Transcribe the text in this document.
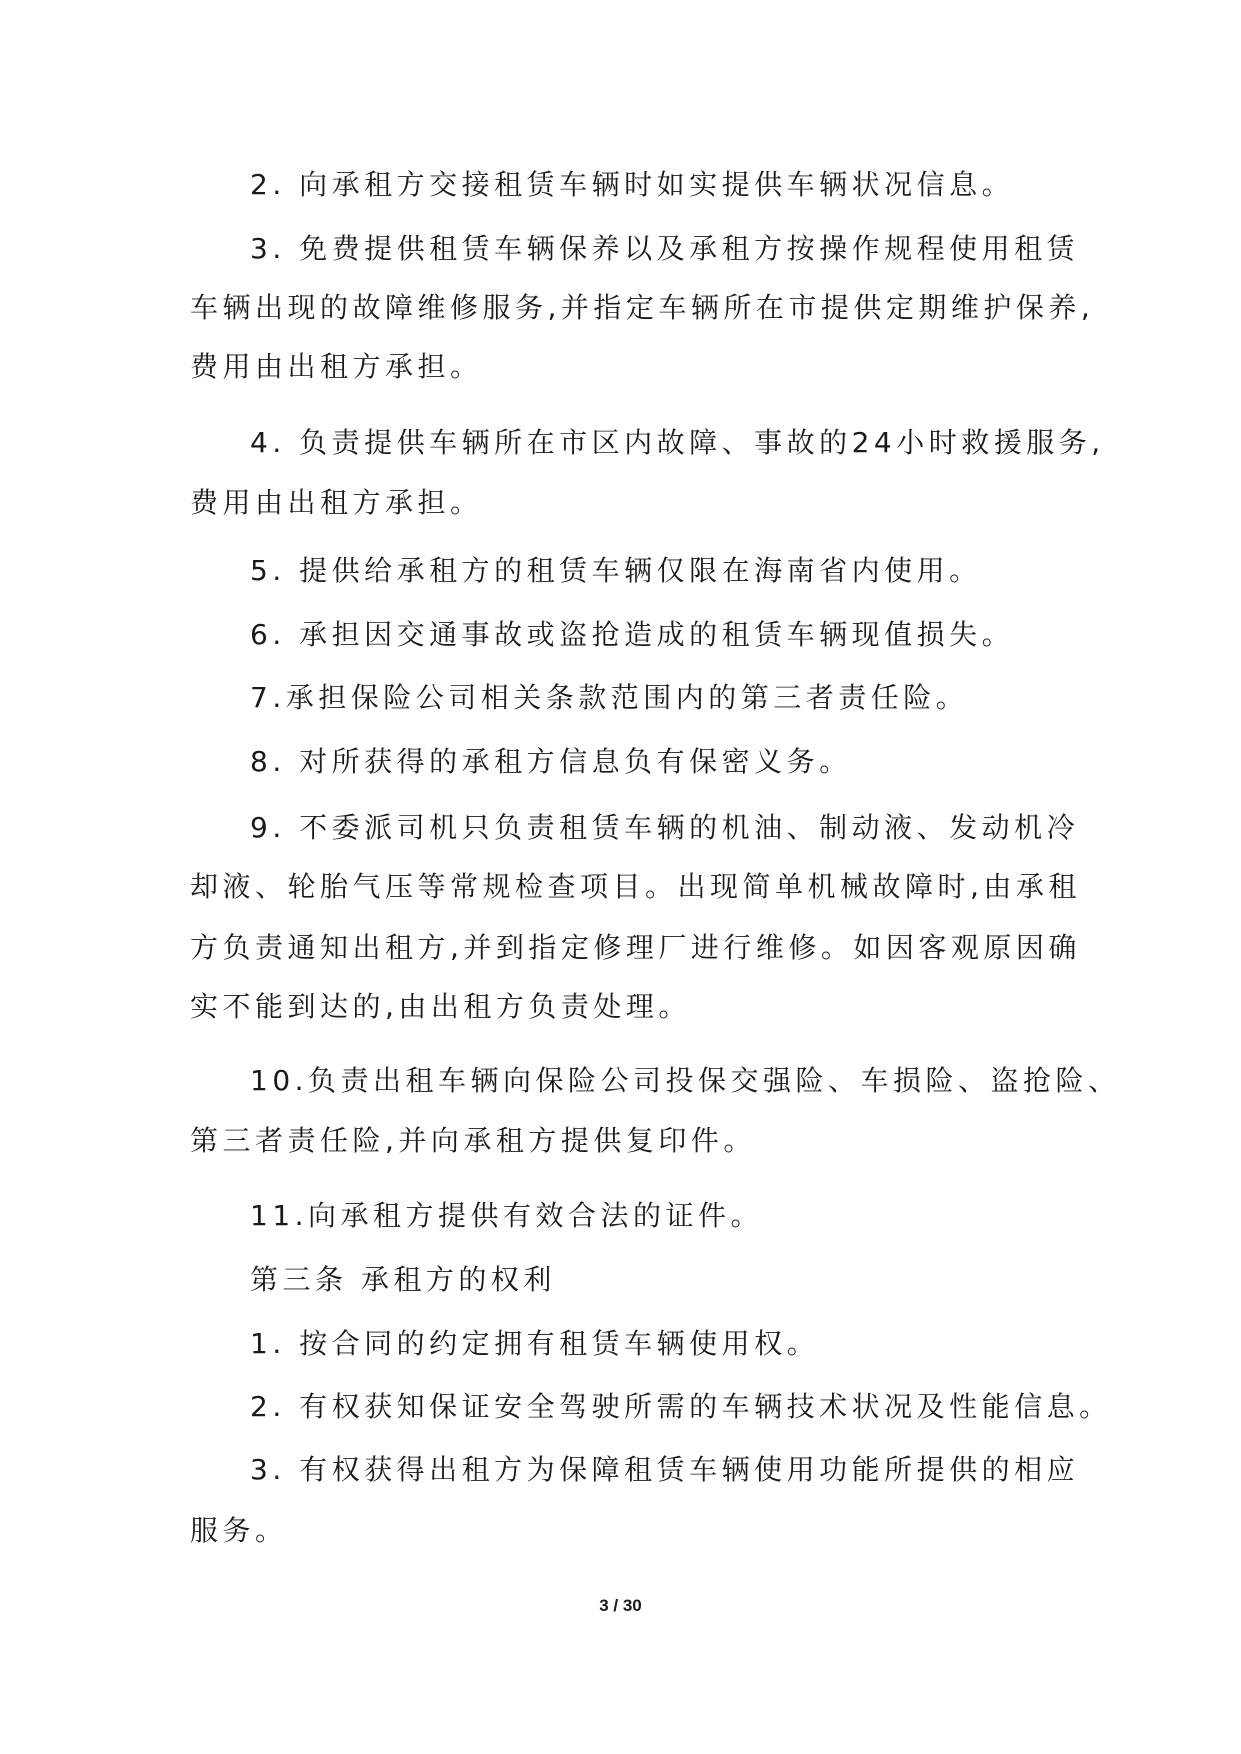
2. 向承租方交接租赁车辆时如实提供车辆状况信息。
3. 免费提供租赁车辆保养以及承租方按操作规程使用租赁
车辆出现的故障维修服务,并指定车辆所在市提供定期维护保养,
费用由出租方承担。
4. 负责提供车辆所在市区内故障、事故的24小时救援服务,
费用由出租方承担。
5. 提供给承租方的租赁车辆仅限在海南省内使用。
6. 承担因交通事故或盗抢造成的租赁车辆现值损失。
7.承担保险公司相关条款范围内的第三者责任险。
8. 对所获得的承租方信息负有保密义务。
9. 不委派司机只负责租赁车辆的机油、制动液、发动机冷
却液、轮胎气压等常规检查项目。出现简单机械故障时,由承租
方负责通知出租方,并到指定修理厂进行维修。如因客观原因确
实不能到达的,由出租方负责处理。
10.负责出租车辆向保险公司投保交强险、车损险、盗抢险、
第三者责任险,并向承租方提供复印件。
11.向承租方提供有效合法的证件。
第三条 承租方的权利
1. 按合同的约定拥有租赁车辆使用权。
2. 有权获知保证安全驾驶所需的车辆技术状况及性能信息。
3. 有权获得出租方为保障租赁车辆使用功能所提供的相应
服务。
3 / 30
